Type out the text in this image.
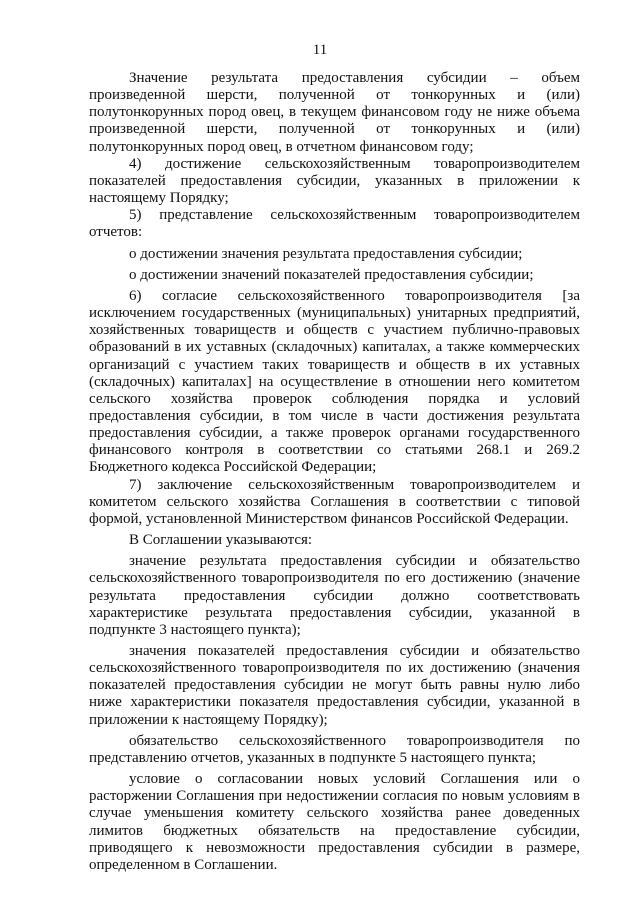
11

Значение результата предоставления субсидии – объем произведенной шерсти, полученной от тонкорунных и (или) полутонкорунных пород овец, в текущем финансовом году не ниже объема произведенной шерсти, полученной от тонкорунных и (или) полутонкорунных пород овец, в отчетном финансовом году;

4) достижение сельскохозяйственным товаропроизводителем показателей предоставления субсидии, указанных в приложении к настоящему Порядку;

5) представление сельскохозяйственным товаропроизводителем отчетов:

о достижении значения результата предоставления субсидии;

о достижении значений показателей предоставления субсидии;

6) согласие сельскохозяйственного товаропроизводителя [за исключением государственных (муниципальных) унитарных предприятий, хозяйственных товариществ и обществ с участием публично-правовых образований в их уставных (складочных) капиталах, а также коммерческих организаций с участием таких товариществ и обществ в их уставных (складочных) капиталах] на осуществление в отношении него комитетом сельского хозяйства проверок соблюдения порядка и условий предоставления субсидии, в том числе в части достижения результата предоставления субсидии, а также проверок органами государственного финансового контроля в соответствии со статьями 268.1 и 269.2 Бюджетного кодекса Российской Федерации;

7) заключение сельскохозяйственным товаропроизводителем и комитетом сельского хозяйства Соглашения в соответствии с типовой формой, установленной Министерством финансов Российской Федерации.

В Соглашении указываются:

значение результата предоставления субсидии и обязательство сельскохозяйственного товаропроизводителя по его достижению (значение результата предоставления субсидии должно соответствовать характеристике результата предоставления субсидии, указанной в подпункте 3 настоящего пункта);

значения показателей предоставления субсидии и обязательство сельскохозяйственного товаропроизводителя по их достижению (значения показателей предоставления субсидии не могут быть равны нулю либо ниже характеристики показателя предоставления субсидии, указанной в приложении к настоящему Порядку);

обязательство сельскохозяйственного товаропроизводителя по представлению отчетов, указанных в подпункте 5 настоящего пункта;

условие о согласовании новых условий Соглашения или о расторжении Соглашения при недостижении согласия по новым условиям в случае уменьшения комитету сельского хозяйства ранее доведенных лимитов бюджетных обязательств на предоставление субсидии, приводящего к невозможности предоставления субсидии в размере, определенном в Соглашении.
